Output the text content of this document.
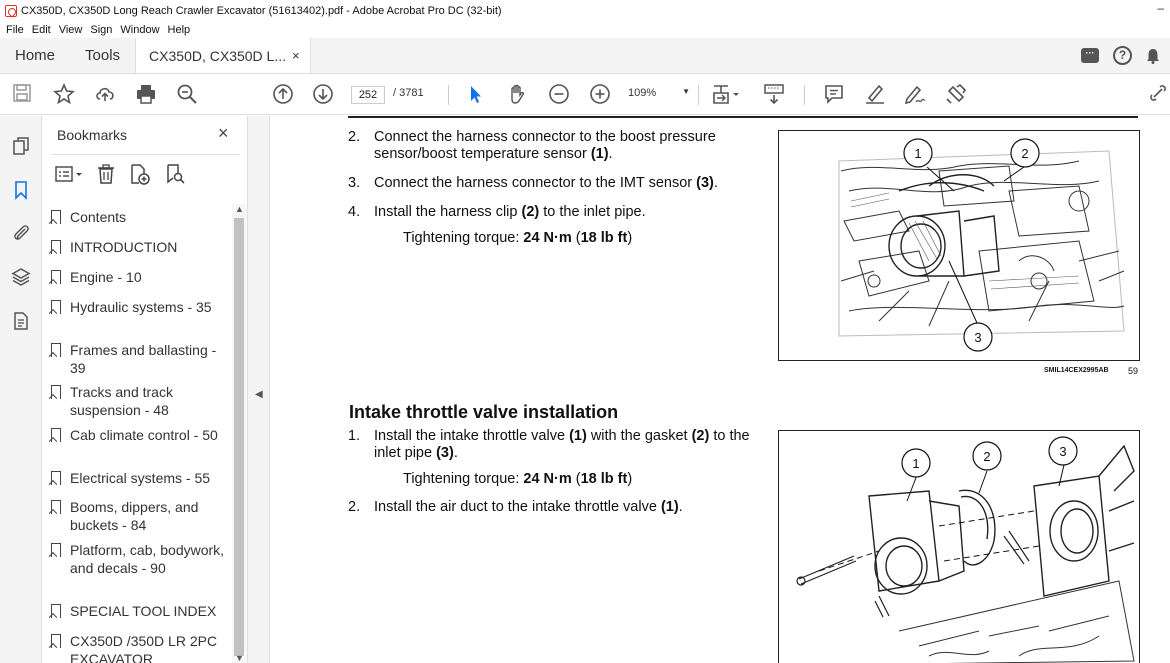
CX350D, CX350D Long Reach Crawler Excavator (51613402).pdf - Adobe Acrobat Pro DC (32-bit)	–
File Edit View Sign Window Help
Home	Tools	CX350D, CX350D L... ×	···	?
252	/ 3781	109%	▼
Bookmarks	×
Contents
INTRODUCTION
Engine - 10
Hydraulic systems - 35
Frames and ballasting - 39
Tracks and track suspension - 48
Cab climate control - 50
Electrical systems - 55
Booms, dippers, and buckets - 84
Platform, cab, bodywork, and decals - 90
SPECIAL TOOL INDEX
CX350D /350D LR 2PC EXCAVATOR
▲
▼
◀
2. Connect the harness connector to the boost pressure sensor/boost temperature sensor (1).
3. Connect the harness connector to the IMT sensor (3).
4. Install the harness clip (2) to the inlet pipe.
Tightening torque: 24 N·m (18 lb ft)
1	2
3
SMIL14CEX2995AB 59
Intake throttle valve installation
1. Install the intake throttle valve (1) with the gasket (2) to the inlet pipe (3).
Tightening torque: 24 N·m (18 lb ft)
2. Install the air duct to the intake throttle valve (1).
1	2	3
